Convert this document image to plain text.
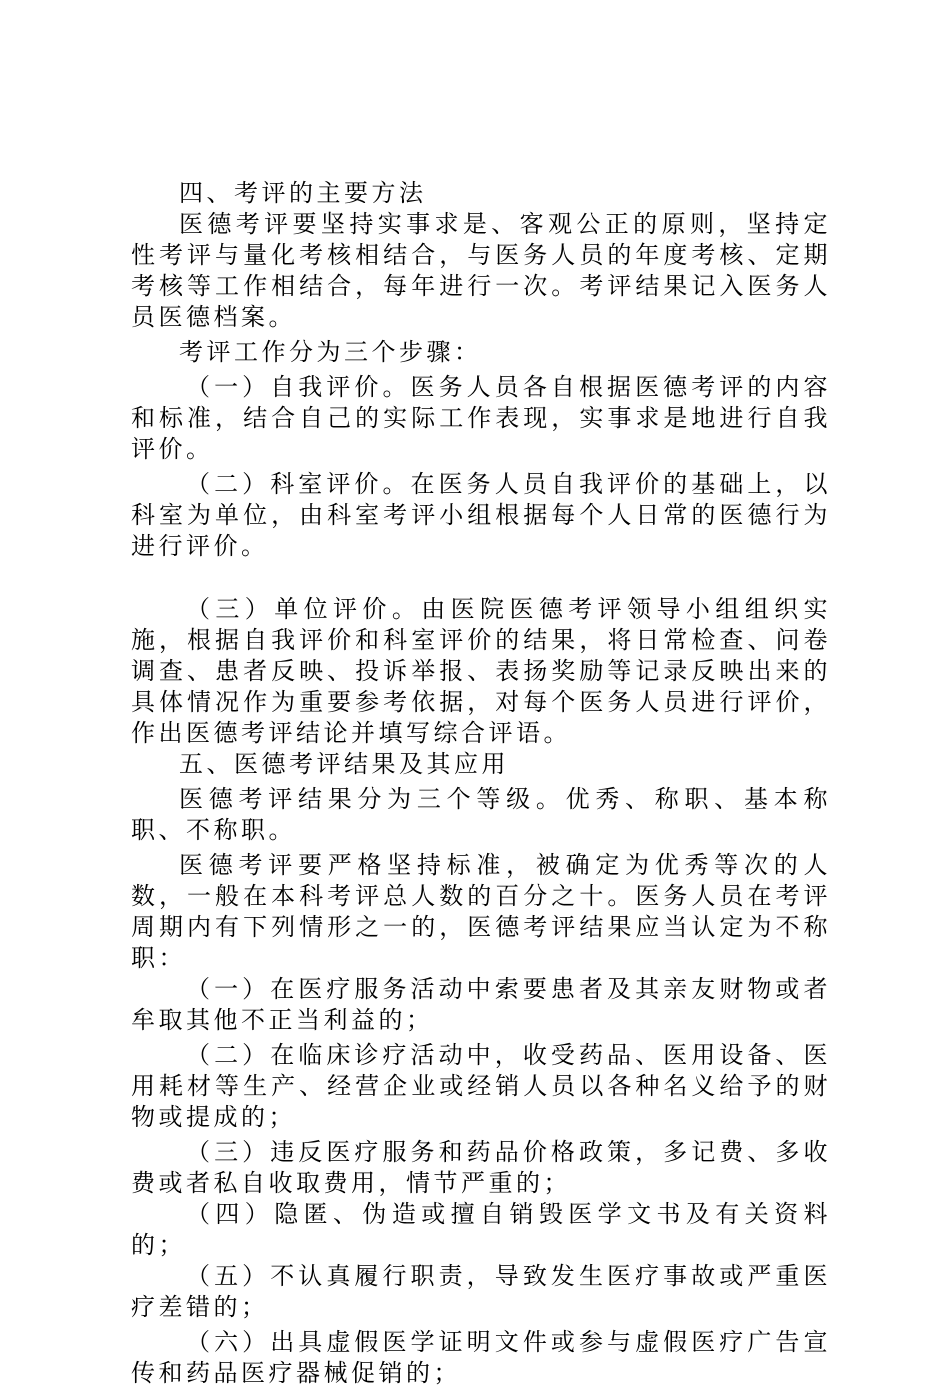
四、考评的主要方法

医德考评要坚持实事求是、客观公正的原则，坚持定性考评与量化考核相结合，与医务人员的年度考核、定期考核等工作相结合，每年进行一次。考评结果记入医务人员医德档案。

考评工作分为三个步骤：

（一）自我评价。医务人员各自根据医德考评的内容和标准，结合自己的实际工作表现，实事求是地进行自我评价。

（二）科室评价。在医务人员自我评价的基础上，以科室为单位，由科室考评小组根据每个人日常的医德行为进行评价。

（三）单位评价。由医院医德考评领导小组组织实施，根据自我评价和科室评价的结果，将日常检查、问卷调查、患者反映、投诉举报、表扬奖励等记录反映出来的具体情况作为重要参考依据，对每个医务人员进行评价，作出医德考评结论并填写综合评语。

五、医德考评结果及其应用

医德考评结果分为三个等级。优秀、称职、基本称职、不称职。

医德考评要严格坚持标准，被确定为优秀等次的人数，一般在本科考评总人数的百分之十。医务人员在考评周期内有下列情形之一的，医德考评结果应当认定为不称职：

（一）在医疗服务活动中索要患者及其亲友财物或者牟取其他不正当利益的；

（二）在临床诊疗活动中，收受药品、医用设备、医用耗材等生产、经营企业或经销人员以各种名义给予的财物或提成的；

（三）违反医疗服务和药品价格政策，多记费、多收费或者私自收取费用，情节严重的；

（四）隐匿、伪造或擅自销毁医学文书及有关资料的；

（五）不认真履行职责，导致发生医疗事故或严重医疗差错的；

（六）出具虚假医学证明文件或参与虚假医疗广告宣传和药品医疗器械促销的；
